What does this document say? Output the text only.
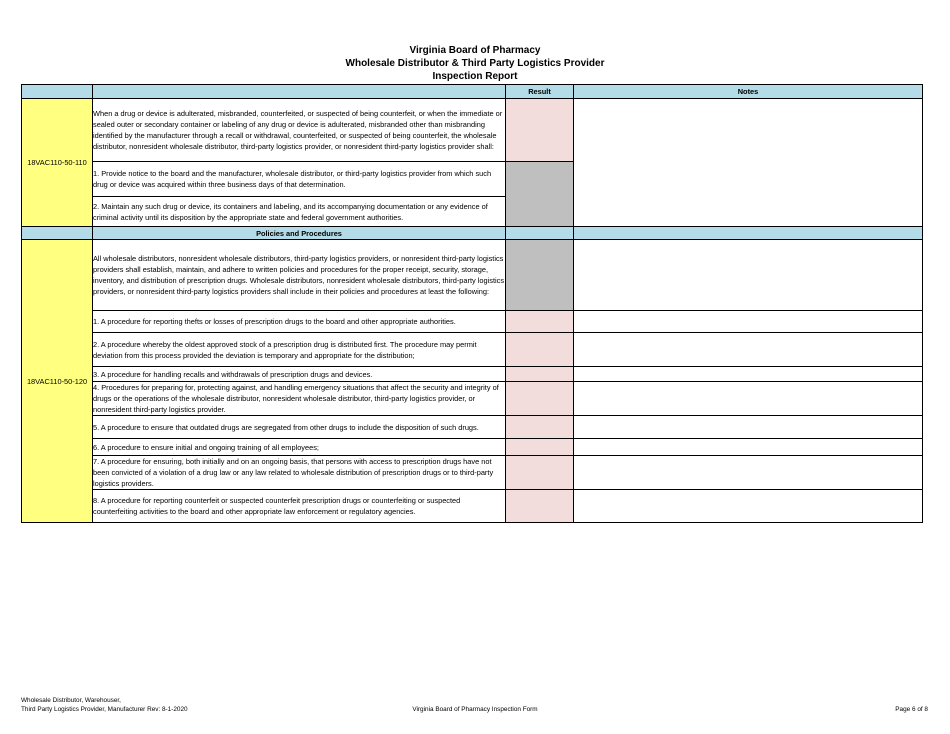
Virginia Board of Pharmacy
Wholesale Distributor & Third Party Logistics Provider
Inspection Report
		Result	Notes
18VAC110-50-110	When a drug or device is adulterated, misbranded, counterfeited, or suspected of being counterfeit, or when the immediate or sealed outer or secondary container or labeling of any drug or device is adulterated, misbranded other than misbranding identified by the manufacturer through a recall or withdrawal, counterfeited, or suspected of being counterfeit, the wholesale distributor, nonresident wholesale distributor, third-party logistics provider, or nonresident third-party logistics provider shall:		
	1. Provide notice to the board and the manufacturer, wholesale distributor, or third-party logistics provider from which such drug or device was acquired within three business days of that determination.		
	2. Maintain any such drug or device, its containers and labeling, and its accompanying documentation or any evidence of criminal activity until its disposition by the appropriate state and federal government authorities.		
	Policies and Procedures		
18VAC110-50-120	All wholesale distributors, nonresident wholesale distributors, third-party logistics providers, or nonresident third-party logistics providers shall establish, maintain, and adhere to written policies and procedures for the proper receipt, security, storage, inventory, and distribution of prescription drugs. Wholesale distributors, nonresident wholesale distributors, third-party logistics providers, or nonresident third-party logistics providers shall include in their policies and procedures at least the following:		
	1. A procedure for reporting thefts or losses of prescription drugs to the board and other appropriate authorities.		
	2. A procedure whereby the oldest approved stock of a prescription drug is distributed first. The procedure may permit deviation from this process provided the deviation is temporary and appropriate for the distribution;		
	3. A procedure for handling recalls and withdrawals of prescription drugs and devices.		
	4. Procedures for preparing for, protecting against, and handling emergency situations that affect the security and integrity of drugs or the operations of the wholesale distributor, nonresident wholesale distributor, third-party logistics provider, or nonresident third-party logistics provider.		
	5. A procedure to ensure that outdated drugs are segregated from other drugs to include the disposition of such drugs.		
	6. A procedure to ensure initial and ongoing training of all employees;		
	7. A procedure for ensuring, both initially and on an ongoing basis, that persons with access to prescription drugs have not been convicted of a violation of a drug law or any law related to wholesale distribution of prescription drugs or to third-party logistics providers.		
	8. A procedure for reporting counterfeit or suspected counterfeit prescription drugs or counterfeiting or suspected counterfeiting activities to the board and other appropriate law enforcement or regulatory agencies.		
Wholesale Distributor, Warehouser,
Third Party Logistics Provider, Manufacturer Rev: 8-1-2020	Virginia Board of Pharmacy Inspection Form	Page 6 of 8
